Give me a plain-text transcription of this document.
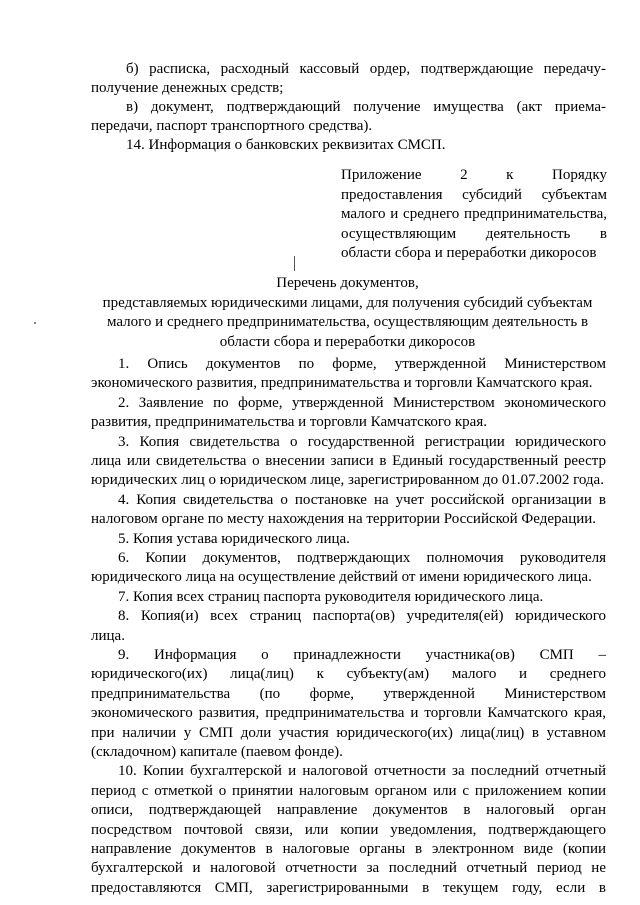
б) расписка, расходный кассовый ордер, подтверждающие передачу-
получение денежных средств;
в) документ, подтверждающий получение имущества (акт приема-
передачи, паспорт транспортного средства).
14. Информация о банковских реквизитах СМСП.
Приложение 2 к Порядку
предоставления субсидий субъектам
малого и среднего предпринимательства,
осуществляющим деятельность в
области сбора и переработки дикоросов
Перечень документов,
представляемых юридическими лицами, для получения субсидий субъектам
малого и среднего предпринимательства, осуществляющим деятельность в
области сбора и переработки дикоросов
1. Опись документов по форме, утвержденной Министерством
экономического развития, предпринимательства и торговли Камчатского края.
2. Заявление по форме, утвержденной Министерством экономического
развития, предпринимательства и торговли Камчатского края.
3. Копия свидетельства о государственной регистрации юридического
лица или свидетельства о внесении записи в Единый государственный реестр
юридических лиц о юридическом лице, зарегистрированном до 01.07.2002 года.
4. Копия свидетельства о постановке на учет российской организации в
налоговом органе по месту нахождения на территории Российской Федерации.
5. Копия устава юридического лица.
6. Копии документов, подтверждающих полномочия руководителя
юридического лица на осуществление действий от имени юридического лица.
7. Копия всех страниц паспорта руководителя юридического лица.
8. Копия(и) всех страниц паспорта(ов) учредителя(ей) юридического
лица.
9. Информация о принадлежности участника(ов) СМП –
юридического(их) лица(лиц) к субъекту(ам) малого и среднего
предпринимательства (по форме, утвержденной Министерством
экономического развития, предпринимательства и торговли Камчатского края,
при наличии у СМП доли участия юридического(их) лица(лиц) в уставном
(складочном) капитале (паевом фонде).
10. Копии бухгалтерской и налоговой отчетности за последний отчетный
период с отметкой о принятии налоговым органом или с приложением копии
описи, подтверждающей направление документов в налоговый орган
посредством почтовой связи, или копии уведомления, подтверждающего
направление документов в налоговые органы в электронном виде (копии
бухгалтерской и налоговой отчетности за последний отчетный период не
предоставляются СМП, зарегистрированными в текущем году, если в
